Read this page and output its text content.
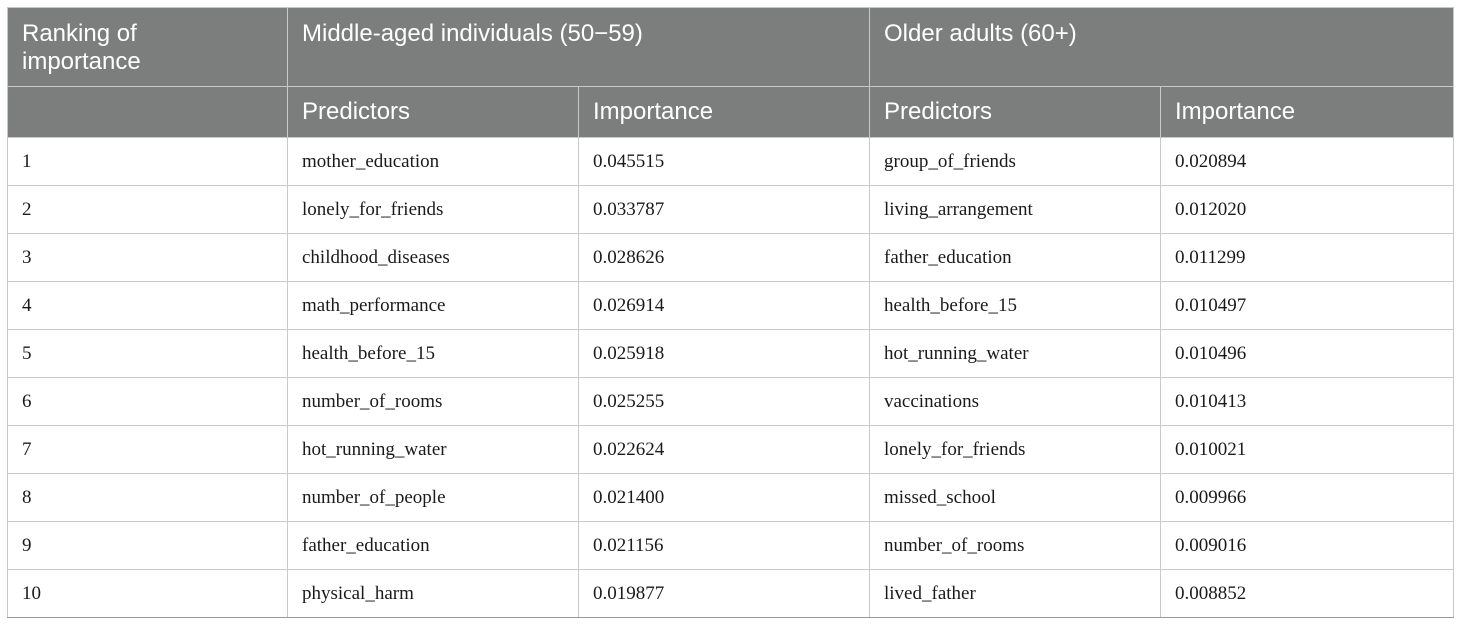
Ranking of importance	Middle-aged individuals (50−59)		Older adults (60+)	
	Predictors	Importance	Predictors	Importance
1	mother_education	0.045515	group_of_friends	0.020894
2	lonely_for_friends	0.033787	living_arrangement	0.012020
3	childhood_diseases	0.028626	father_education	0.011299
4	math_performance	0.026914	health_before_15	0.010497
5	health_before_15	0.025918	hot_running_water	0.010496
6	number_of_rooms	0.025255	vaccinations	0.010413
7	hot_running_water	0.022624	lonely_for_friends	0.010021
8	number_of_people	0.021400	missed_school	0.009966
9	father_education	0.021156	number_of_rooms	0.009016
10	physical_harm	0.019877	lived_father	0.008852
